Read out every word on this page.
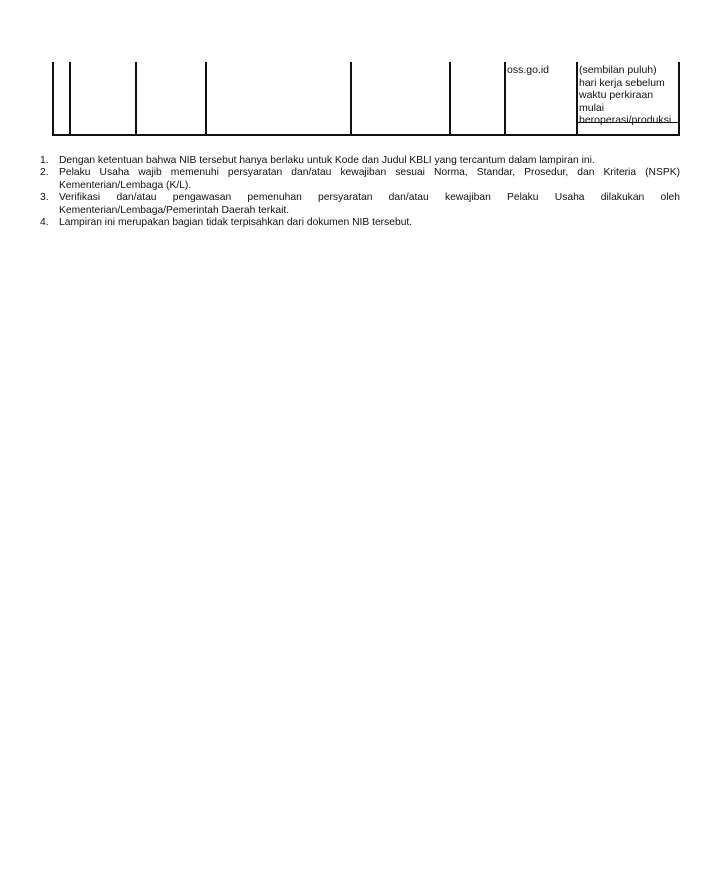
oss.go.id	(sembilan puluh)
hari kerja sebelum
waktu perkiraan
mulai
beroperasi/produksi
1. Dengan ketentuan bahwa NIB tersebut hanya berlaku untuk Kode dan Judul KBLI yang tercantum dalam lampiran ini.
2. Pelaku Usaha wajib memenuhi persyaratan dan/atau kewajiban sesuai Norma, Standar, Prosedur, dan Kriteria (NSPK) Kementerian/Lembaga (K/L).
3. Verifikasi dan/atau pengawasan pemenuhan persyaratan dan/atau kewajiban Pelaku Usaha dilakukan oleh Kementerian/Lembaga/Pemerintah Daerah terkait.
4. Lampiran ini merupakan bagian tidak terpisahkan dari dokumen NIB tersebut.
